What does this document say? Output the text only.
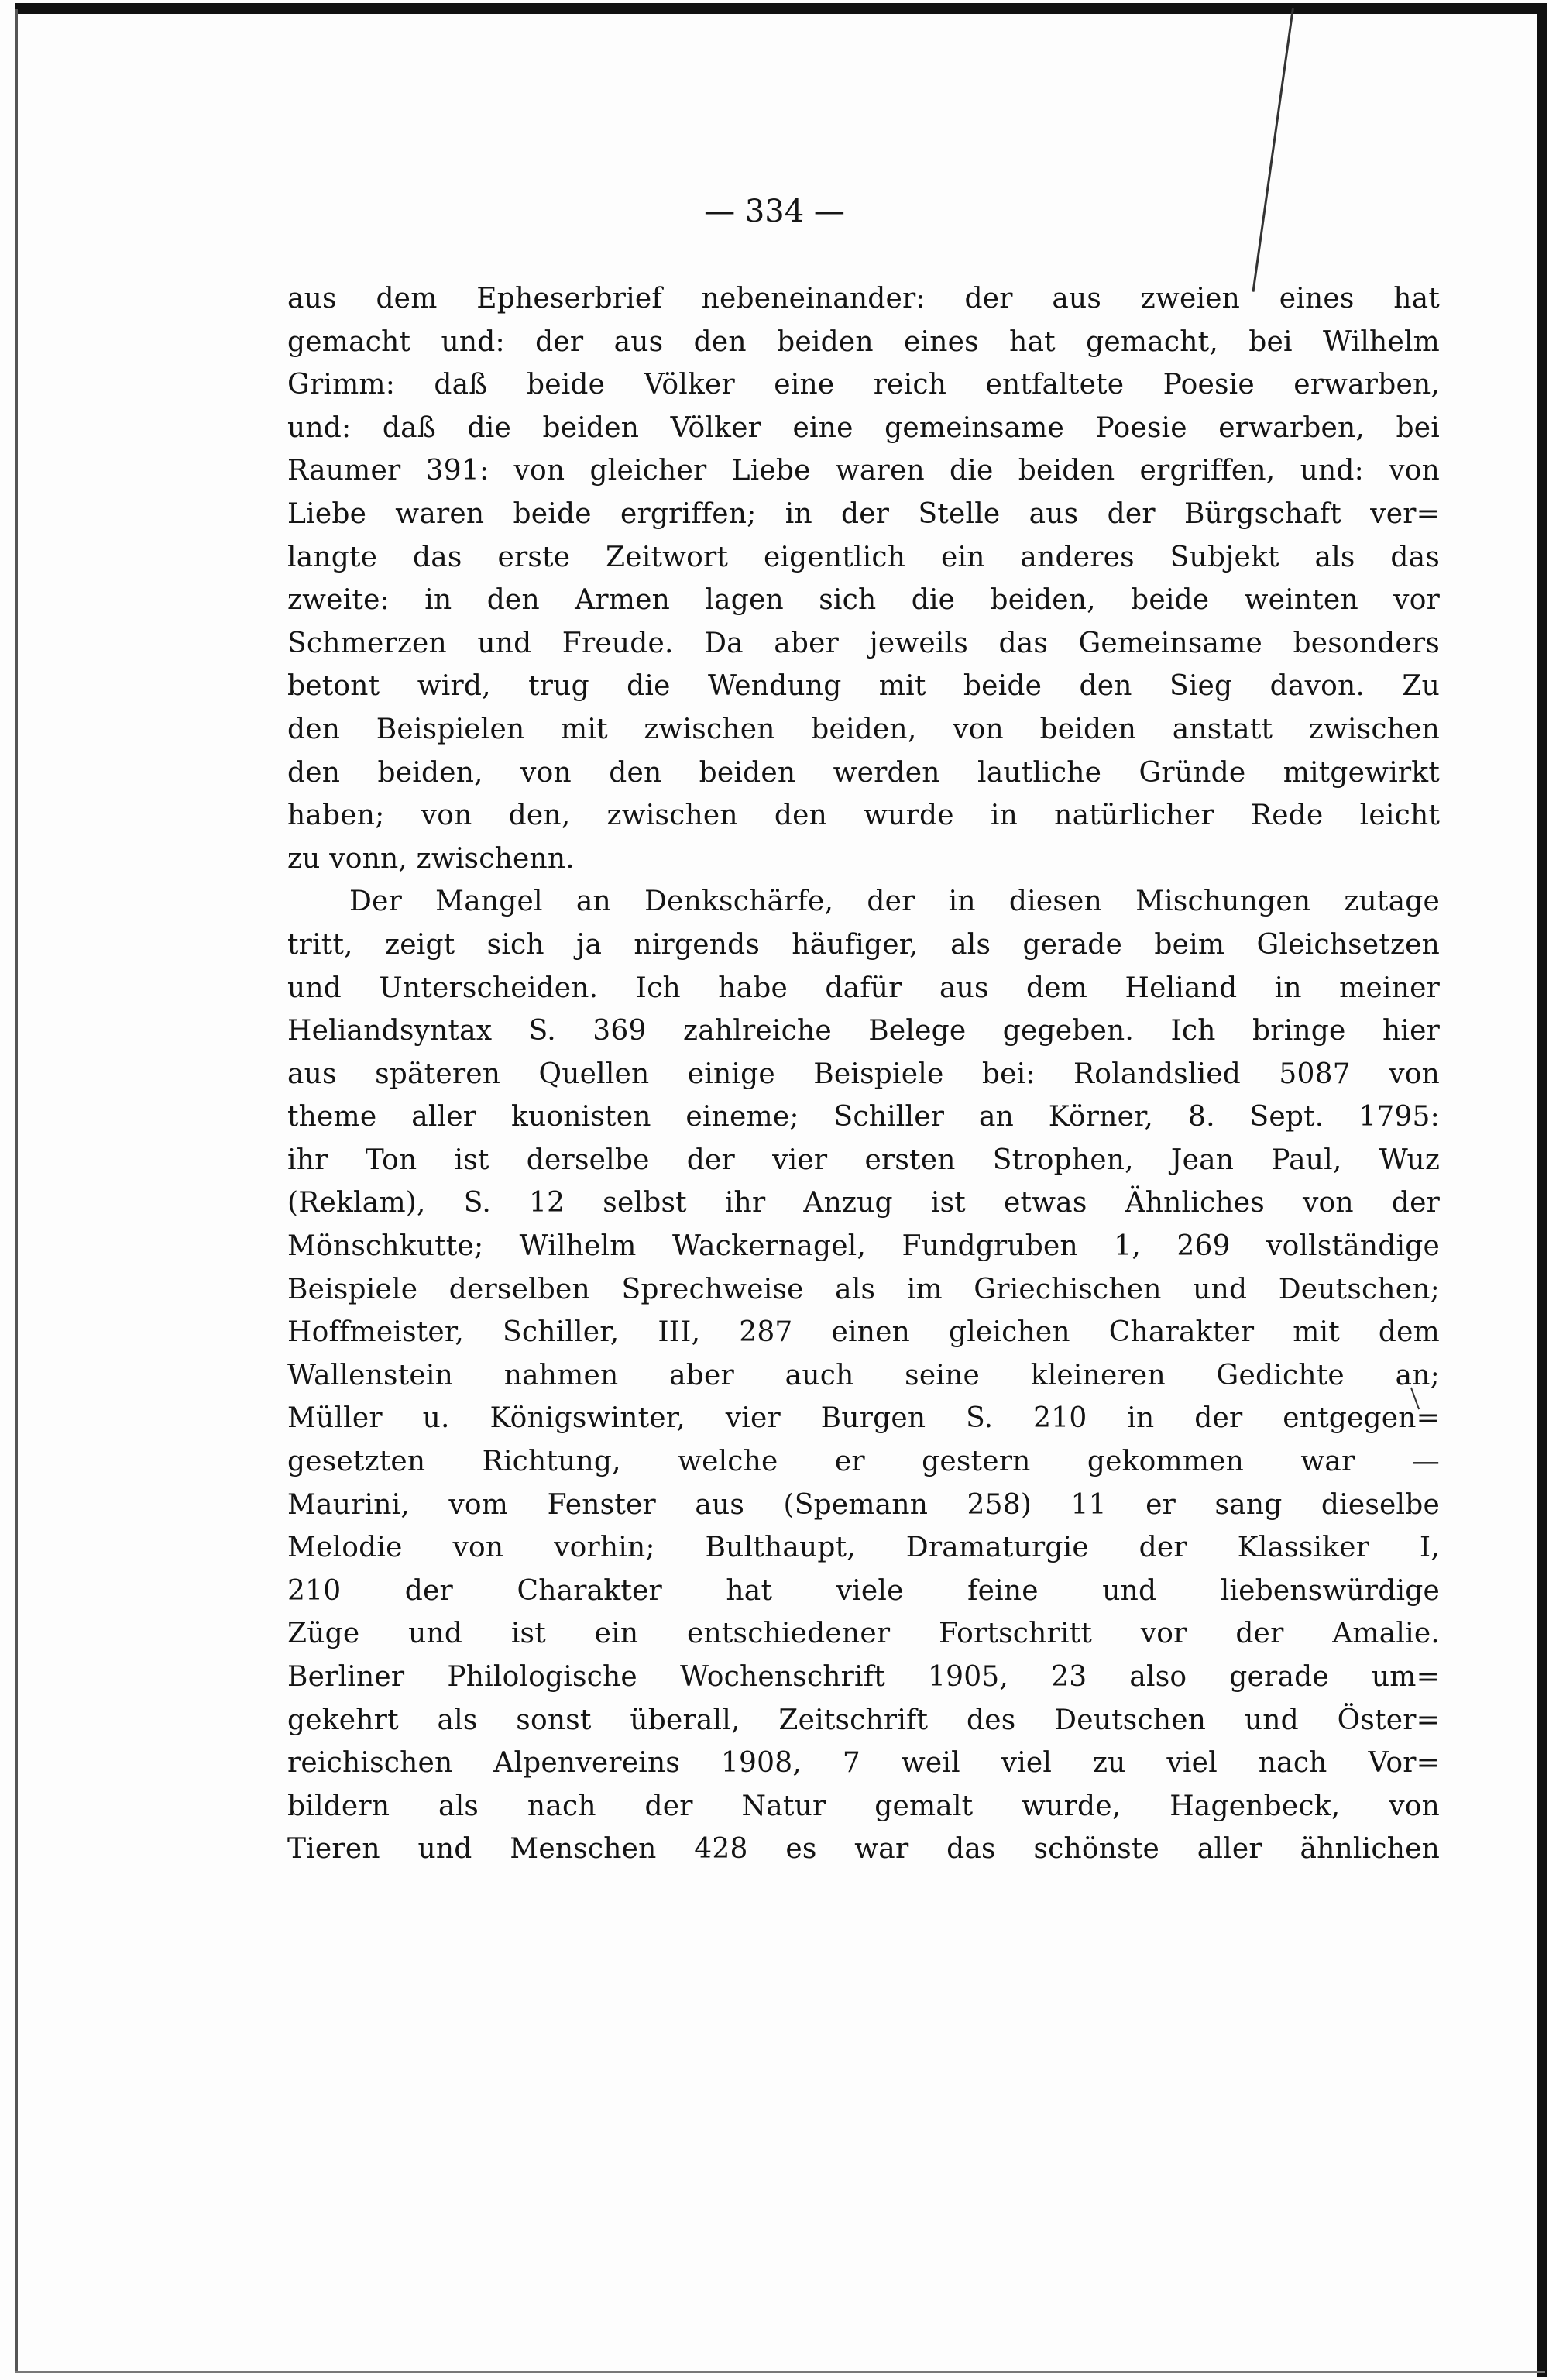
— 334 —
aus dem Epheserbrief nebeneinander: der aus zweien eines hat
gemacht und: der aus den beiden eines hat gemacht, bei Wilhelm
Grimm: daß beide Völker eine reich entfaltete Poesie erwarben,
und: daß die beiden Völker eine gemeinsame Poesie erwarben, bei
Raumer 391: von gleicher Liebe waren die beiden ergriffen, und: von
Liebe waren beide ergriffen; in der Stelle aus der Bürgschaft ver=
langte das erste Zeitwort eigentlich ein anderes Subjekt als das
zweite: in den Armen lagen sich die beiden, beide weinten vor
Schmerzen und Freude. Da aber jeweils das Gemeinsame besonders
betont wird, trug die Wendung mit beide den Sieg davon. Zu
den Beispielen mit zwischen beiden, von beiden anstatt zwischen
den beiden, von den beiden werden lautliche Gründe mitgewirkt
haben; von den, zwischen den wurde in natürlicher Rede leicht
zu vonn, zwischenn.
Der Mangel an Denkschärfe, der in diesen Mischungen zutage
tritt, zeigt sich ja nirgends häufiger, als gerade beim Gleichsetzen
und Unterscheiden. Ich habe dafür aus dem Heliand in meiner
Heliandsyntax S. 369 zahlreiche Belege gegeben. Ich bringe hier
aus späteren Quellen einige Beispiele bei: Rolandslied 5087 von
theme aller kuonisten eineme; Schiller an Körner, 8. Sept. 1795:
ihr Ton ist derselbe der vier ersten Strophen, Jean Paul, Wuz
(Reklam), S. 12 selbst ihr Anzug ist etwas Ähnliches von der
Mönschkutte; Wilhelm Wackernagel, Fundgruben 1, 269 vollständige
Beispiele derselben Sprechweise als im Griechischen und Deutschen;
Hoffmeister, Schiller, III, 287 einen gleichen Charakter mit dem
Wallenstein nahmen aber auch seine kleineren Gedichte an;
Müller u. Königswinter, vier Burgen S. 210 in der entgegen=
gesetzten Richtung, welche er gestern gekommen war —
Maurini, vom Fenster aus (Spemann 258) 11 er sang dieselbe
Melodie von vorhin; Bulthaupt, Dramaturgie der Klassiker I,
210 der Charakter hat viele feine und liebenswürdige
Züge und ist ein entschiedener Fortschritt vor der Amalie.
Berliner Philologische Wochenschrift 1905, 23 also gerade um=
gekehrt als sonst überall, Zeitschrift des Deutschen und Öster=
reichischen Alpenvereins 1908, 7 weil viel zu viel nach Vor=
bildern als nach der Natur gemalt wurde, Hagenbeck, von
Tieren und Menschen 428 es war das schönste aller ähnlichen
